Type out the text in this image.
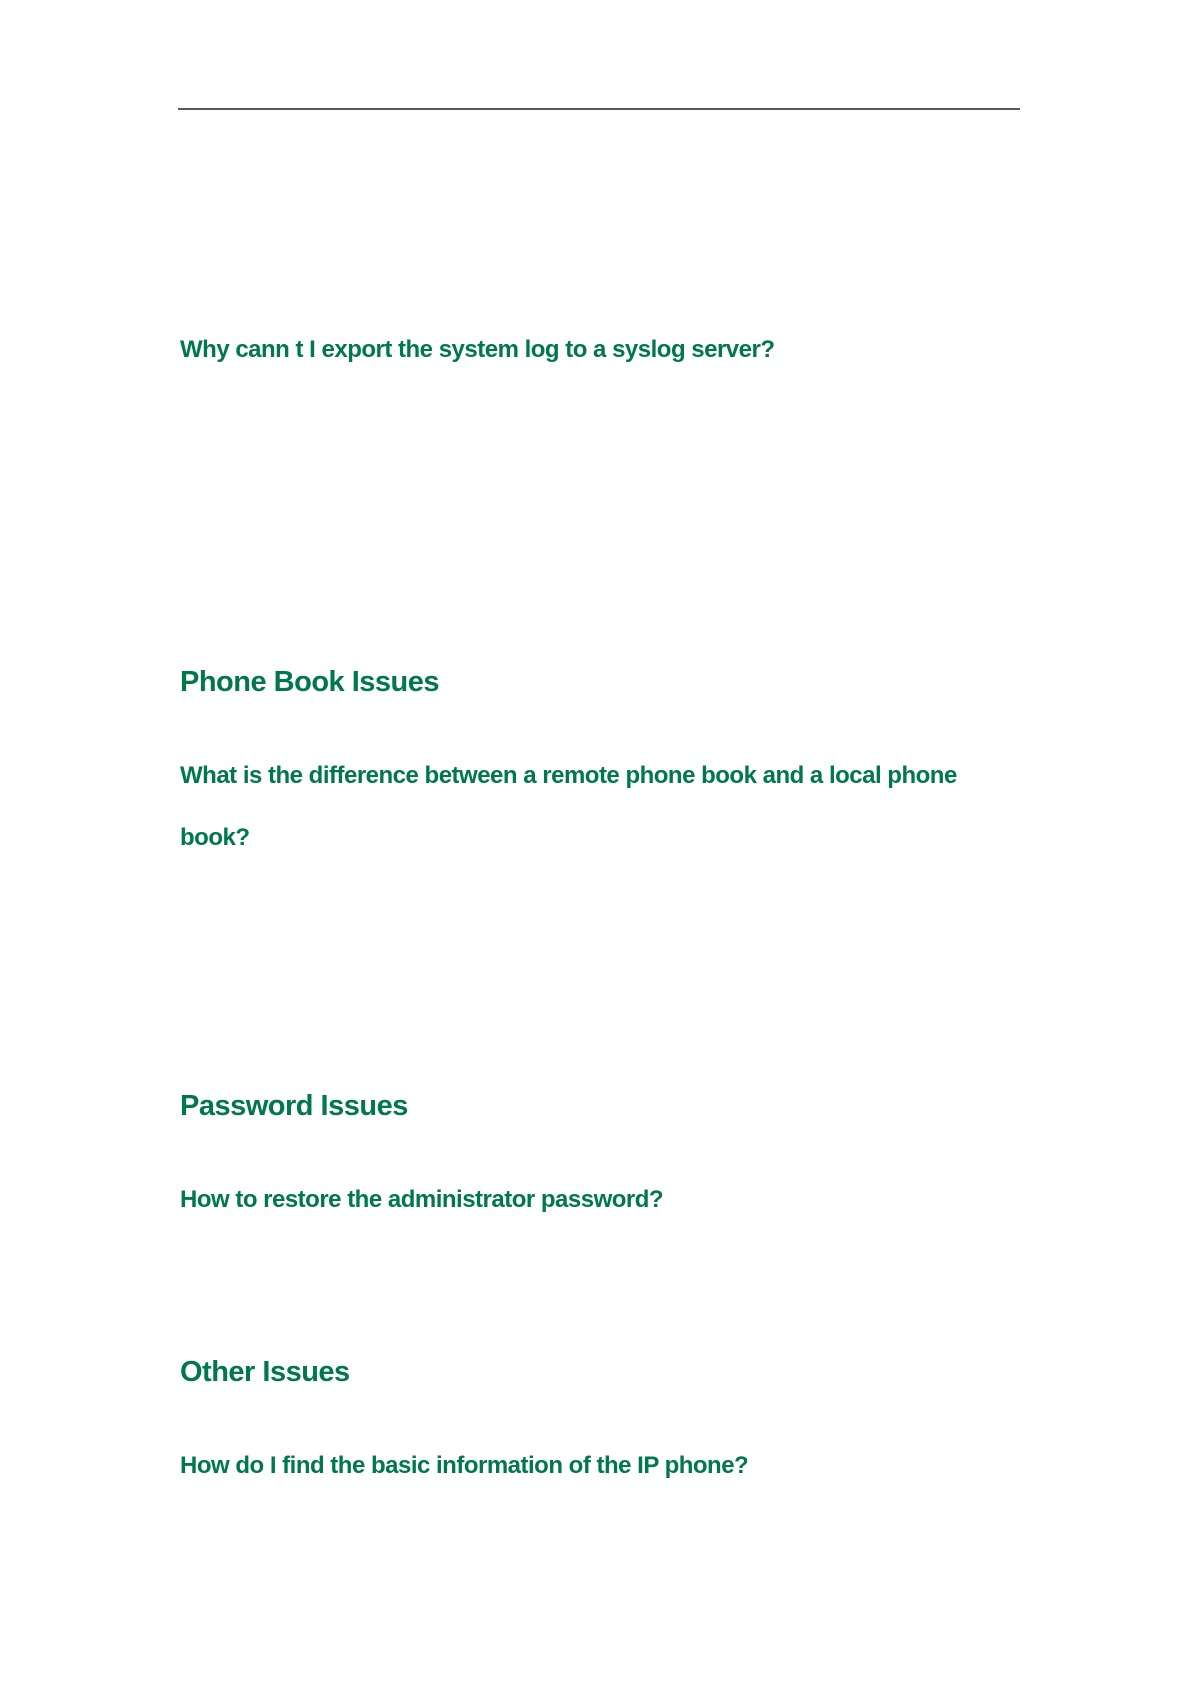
Why cann t I export the system log to a syslog server?
Phone Book Issues
What is the difference between a remote phone book and a local phone
book?
Password Issues
How to restore the administrator password?
Other Issues
How do I find the basic information of the IP phone?
